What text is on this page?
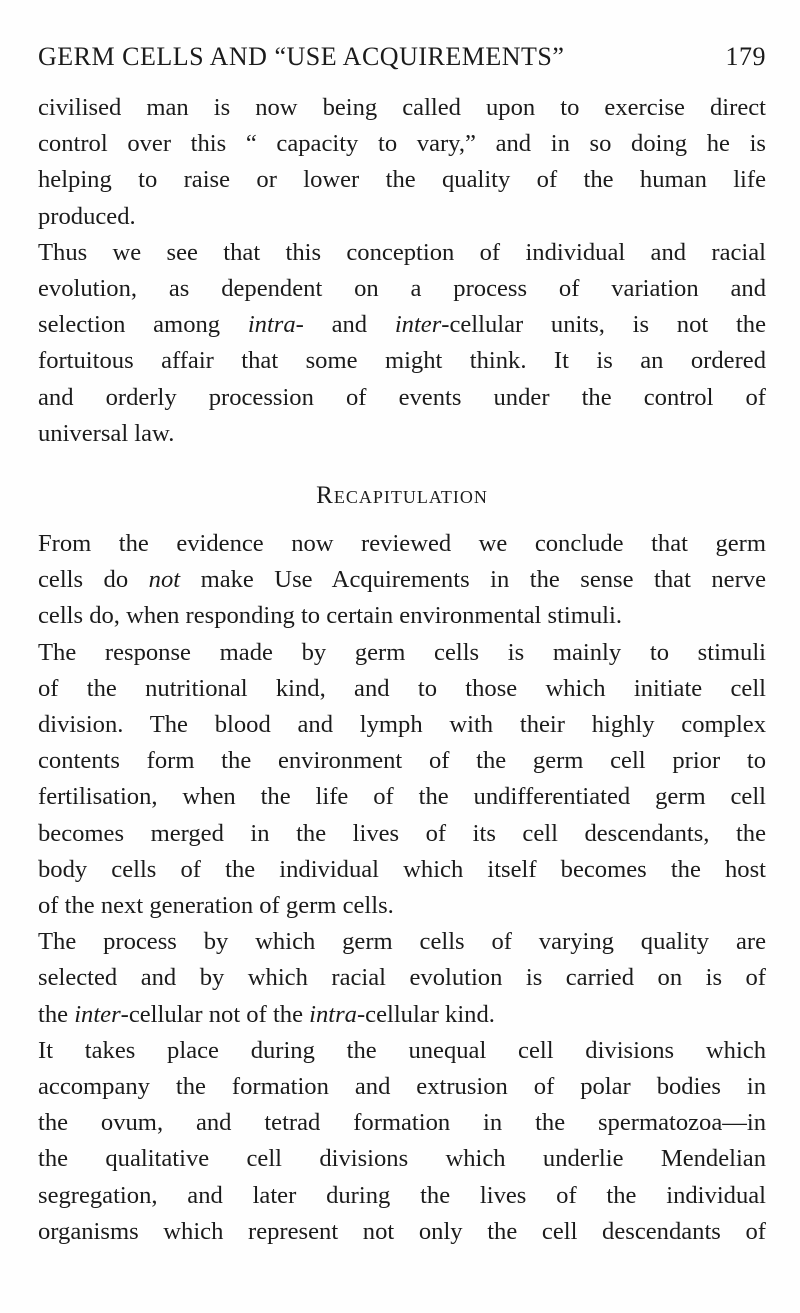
GERM CELLS AND “USE ACQUIREMENTS”	179

civilised man is now being called upon to exercise direct
control over this “ capacity to vary,” and in so doing he is
helping to raise or lower the quality of the human life
produced.

Thus we see that this conception of individual and racial
evolution, as dependent on a process of variation and
selection among intra- and inter-cellular units, is not the
fortuitous affair that some might think. It is an ordered
and orderly procession of events under the control of
universal law.

Recapitulation

From the evidence now reviewed we conclude that germ
cells do not make Use Acquirements in the sense that nerve
cells do, when responding to certain environmental stimuli.

The response made by germ cells is mainly to stimuli
of the nutritional kind, and to those which initiate cell
division. The blood and lymph with their highly complex
contents form the environment of the germ cell prior to
fertilisation, when the life of the undifferentiated germ cell
becomes merged in the lives of its cell descendants, the
body cells of the individual which itself becomes the host
of the next generation of germ cells.

The process by which germ cells of varying quality are
selected and by which racial evolution is carried on is of
the inter-cellular not of the intra-cellular kind.

It takes place during the unequal cell divisions which
accompany the formation and extrusion of polar bodies in
the ovum, and tetrad formation in the spermatozoa—in
the qualitative cell divisions which underlie Mendelian
segregation, and later during the lives of the individual
organisms which represent not only the cell descendants of
